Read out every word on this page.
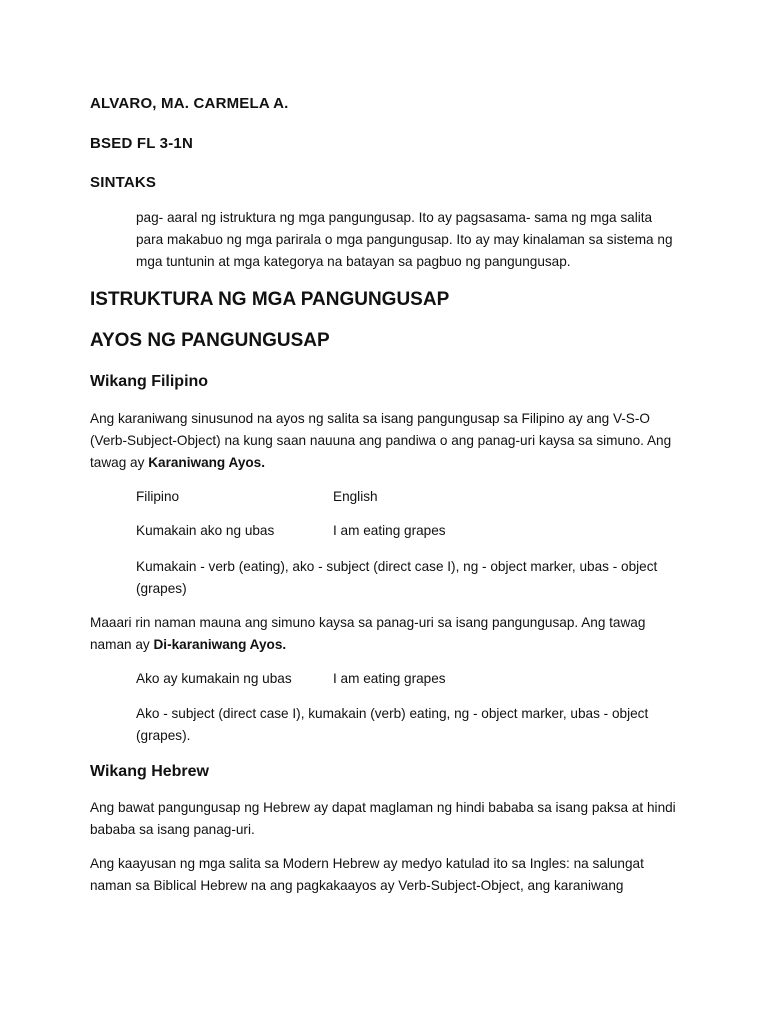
ALVARO, MA. CARMELA A.
BSED FL 3-1N
SINTAKS

pag- aaral ng istruktura ng mga pangungusap. Ito ay pagsasama- sama ng mga salita para makabuo ng mga parirala o mga pangungusap. Ito ay may kinalaman sa sistema ng mga tuntunin at mga kategorya na batayan sa pagbuo ng pangungusap.

ISTRUKTURA NG MGA PANGUNGUSAP
AYOS NG PANGUNGUSAP
Wikang Filipino

Ang karaniwang sinusunod na ayos ng salita sa isang pangungusap sa Filipino ay ang V-S-O (Verb-Subject-Object) na kung saan nauuna ang pandiwa o ang panag-uri kaysa sa simuno. Ang tawag ay Karaniwang Ayos.

Filipino	English
Kumakain ako ng ubas	I am eating grapes

Kumakain - verb (eating), ako - subject (direct case I), ng - object marker, ubas - object (grapes)

Maaari rin naman mauna ang simuno kaysa sa panag-uri sa isang pangungusap. Ang tawag naman ay Di-karaniwang Ayos.

Ako ay kumakain ng ubas	I am eating grapes

Ako - subject (direct case I), kumakain (verb) eating, ng - object marker, ubas - object (grapes).

Wikang Hebrew

Ang bawat pangungusap ng Hebrew ay dapat maglaman ng hindi bababa sa isang paksa at hindi bababa sa isang panag-uri.

Ang kaayusan ng mga salita sa Modern Hebrew ay medyo katulad ito sa Ingles: na salungat naman sa Biblical Hebrew na ang pagkakaayos ay Verb-Subject-Object, ang karaniwang
